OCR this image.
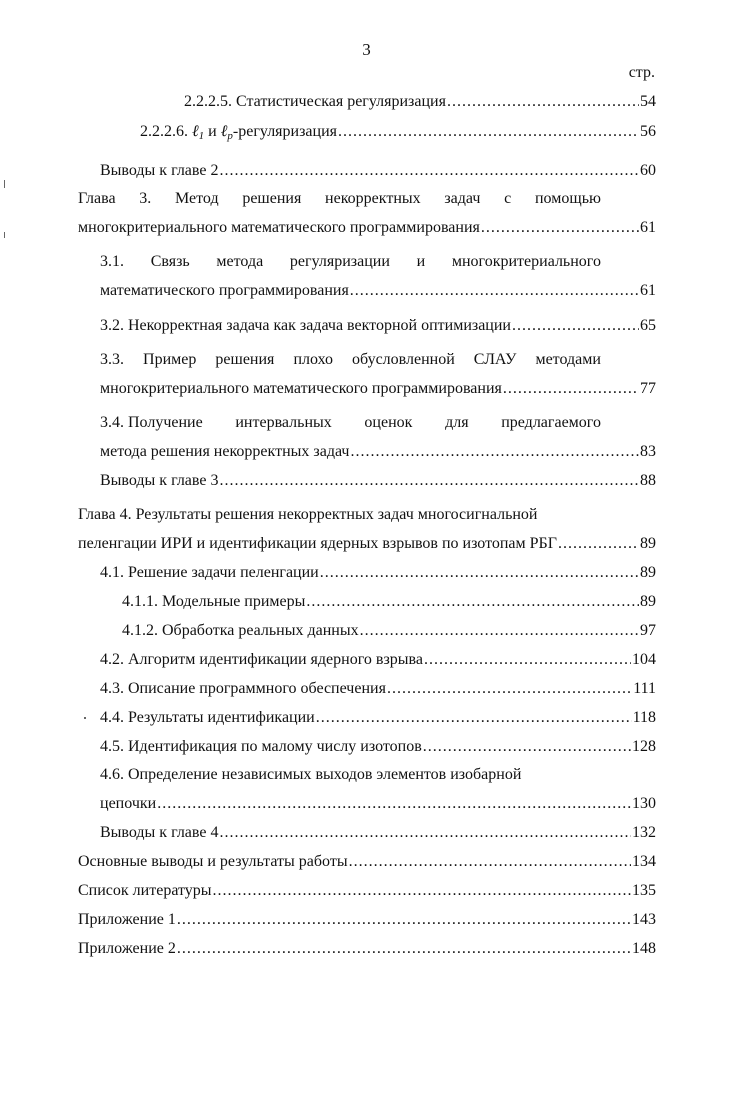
3
стр.
2.2.2.5. Статистическая регуляризация .....	54
2.2.2.6. ℓ$_1$ и ℓ$_p$-регуляризация .....	56
Выводы к главе 2 .....	60
Глава 3. Метод решения некорректных задач с помощью
многокритериального математического программирования .....	61
3.1. Связь метода регуляризации и многокритериального
математического программирования .....	61
3.2. Некорректная задача как задача векторной оптимизации .....	65
3.3. Пример решения плохо обусловленной СЛАУ методами
многокритериального математического программирования .....	77
3.4. Получение интервальных оценок для предлагаемого
метода решения некорректных задач .....	83
Выводы к главе 3 .....	88
Глава 4. Результаты решения некорректных задач многосигнальной
пеленгации ИРИ и идентификации ядерных взрывов по изотопам РБГ .....	89
4.1. Решение задачи пеленгации .....	89
4.1.1. Модельные примеры .....	89
4.1.2. Обработка реальных данных .....	97
4.2. Алгоритм идентификации ядерного взрыва .....	104
4.3. Описание программного обеспечения .....	111
4.4. Результаты идентификации .....	118
4.5. Идентификация по малому числу изотопов .....	128
4.6. Определение независимых выходов элементов изобарной
цепочки .....	130
Выводы к главе 4 .....	132
Основные выводы и результаты работы .....	134
Список литературы .....	135
Приложение 1 .....	143
Приложение 2 .....	148
